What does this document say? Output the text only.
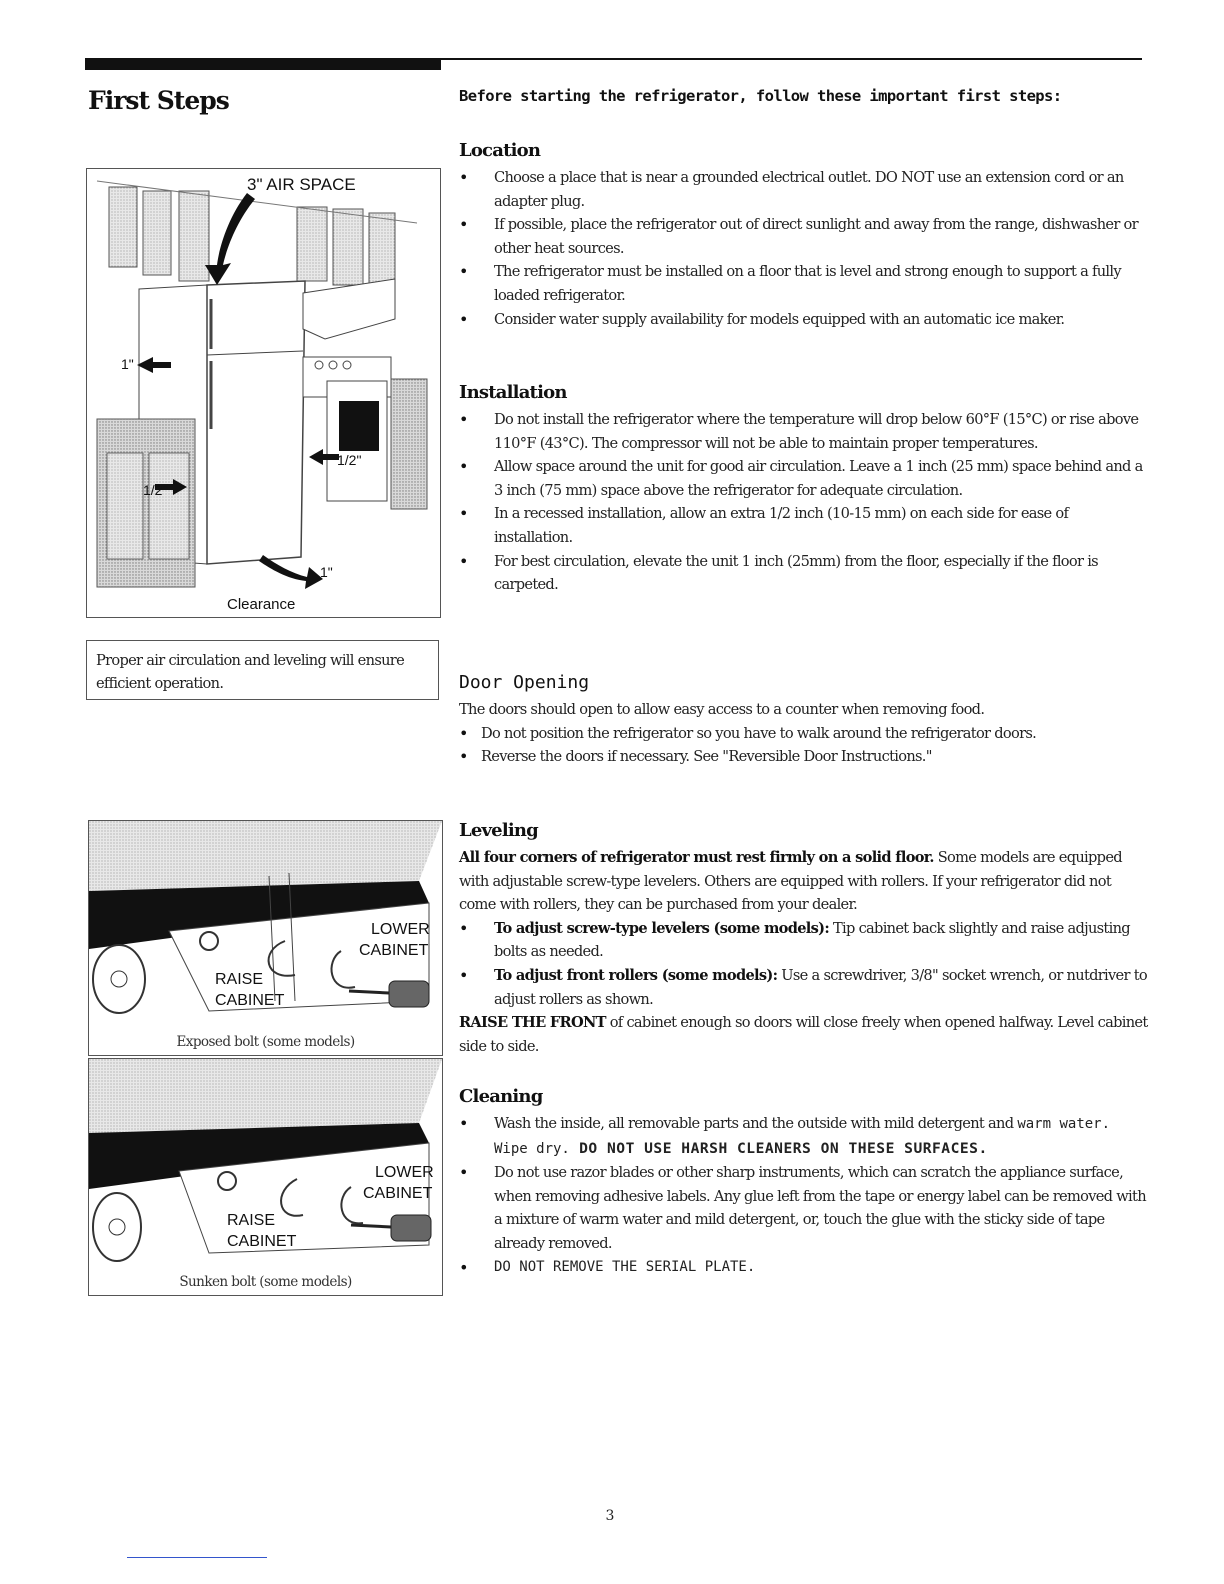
First Steps	Before starting the refrigerator, follow these important first steps:
3" AIR SPACE
1"
1/2"
1/2"
1"
Clearance
Proper air circulation and leveling will ensure efficient operation.
LOWER
CABINET
RAISE
CABINET
Exposed bolt (some models)
LOWER
CABINET
RAISE
CABINET
Sunken bolt (some models)
Location
• Choose a place that is near a grounded electrical outlet. DO NOT use an extension cord or an adapter plug.
• If possible, place the refrigerator out of direct sunlight and away from the range, dishwasher or other heat sources.
• The refrigerator must be installed on a floor that is level and strong enough to support a fully loaded refrigerator.
• Consider water supply availability for models equipped with an automatic ice maker.
Installation
• Do not install the refrigerator where the temperature will drop below 60°F (15°C) or rise above 110°F (43°C). The compressor will not be able to maintain proper temperatures.
• Allow space around the unit for good air circulation. Leave a 1 inch (25 mm) space behind and a 3 inch (75 mm) space above the refrigerator for adequate circulation.
• In a recessed installation, allow an extra 1/2 inch (10-15 mm) on each side for ease of installation.
• For best circulation, elevate the unit 1 inch (25mm) from the floor, especially if the floor is carpeted.
Door Opening
The doors should open to allow easy access to a counter when removing food.
• Do not position the refrigerator so you have to walk around the refrigerator doors.
• Reverse the doors if necessary. See "Reversible Door Instructions."
Leveling
All four corners of refrigerator must rest firmly on a solid floor. Some models are equipped with adjustable screw-type levelers. Others are equipped with rollers. If your refrigerator did not come with rollers, they can be purchased from your dealer.
• To adjust screw-type levelers (some models): Tip cabinet back slightly and raise adjusting bolts as needed.
• To adjust front rollers (some models): Use a screwdriver, 3/8" socket wrench, or nutdriver to adjust rollers as shown.
RAISE THE FRONT of cabinet enough so doors will close freely when opened halfway. Level cabinet side to side.
Cleaning
• Wash the inside, all removable parts and the outside with mild detergent and warm water. Wipe dry. DO NOT USE HARSH CLEANERS ON THESE SURFACES.
• Do not use razor blades or other sharp instruments, which can scratch the appliance surface, when removing adhesive labels. Any glue left from the tape or energy label can be removed with a mixture of warm water and mild detergent, or, touch the glue with the sticky side of tape already removed.
• DO NOT REMOVE THE SERIAL PLATE.
3
